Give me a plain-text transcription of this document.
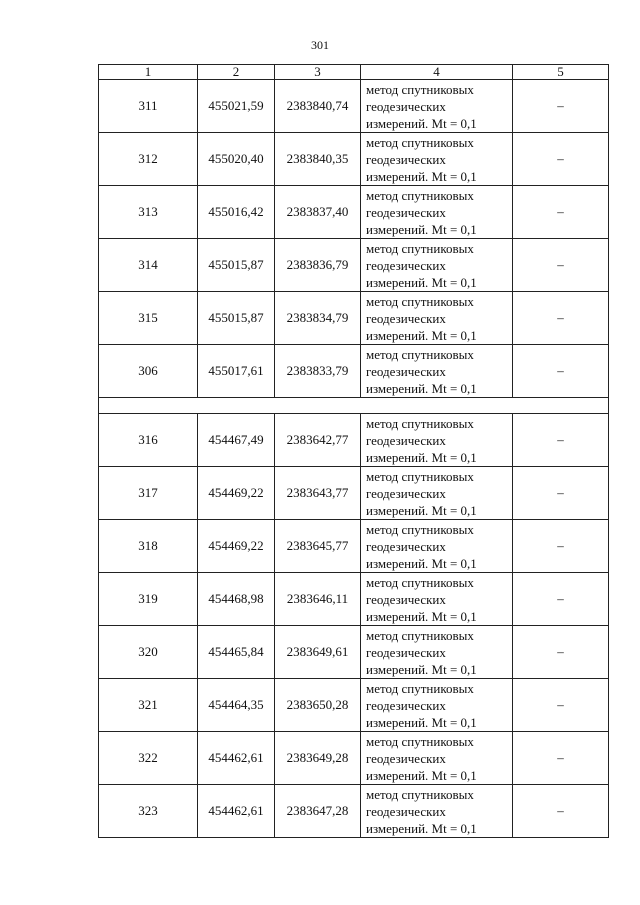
301
1	2	3	4	5
311	455021,59	2383840,74	метод спутниковых
геодезических
измерений. Mt = 0,1	–
312	455020,40	2383840,35	метод спутниковых
геодезических
измерений. Mt = 0,1	–
313	455016,42	2383837,40	метод спутниковых
геодезических
измерений. Mt = 0,1	–
314	455015,87	2383836,79	метод спутниковых
геодезических
измерений. Mt = 0,1	–
315	455015,87	2383834,79	метод спутниковых
геодезических
измерений. Mt = 0,1	–
306	455017,61	2383833,79	метод спутниковых
геодезических
измерений. Mt = 0,1	–

316	454467,49	2383642,77	метод спутниковых
геодезических
измерений. Mt = 0,1	–
317	454469,22	2383643,77	метод спутниковых
геодезических
измерений. Mt = 0,1	–
318	454469,22	2383645,77	метод спутниковых
геодезических
измерений. Mt = 0,1	–
319	454468,98	2383646,11	метод спутниковых
геодезических
измерений. Mt = 0,1	–
320	454465,84	2383649,61	метод спутниковых
геодезических
измерений. Mt = 0,1	–
321	454464,35	2383650,28	метод спутниковых
геодезических
измерений. Mt = 0,1	–
322	454462,61	2383649,28	метод спутниковых
геодезических
измерений. Mt = 0,1	–
323	454462,61	2383647,28	метод спутниковых
геодезических
измерений. Mt = 0,1	–
